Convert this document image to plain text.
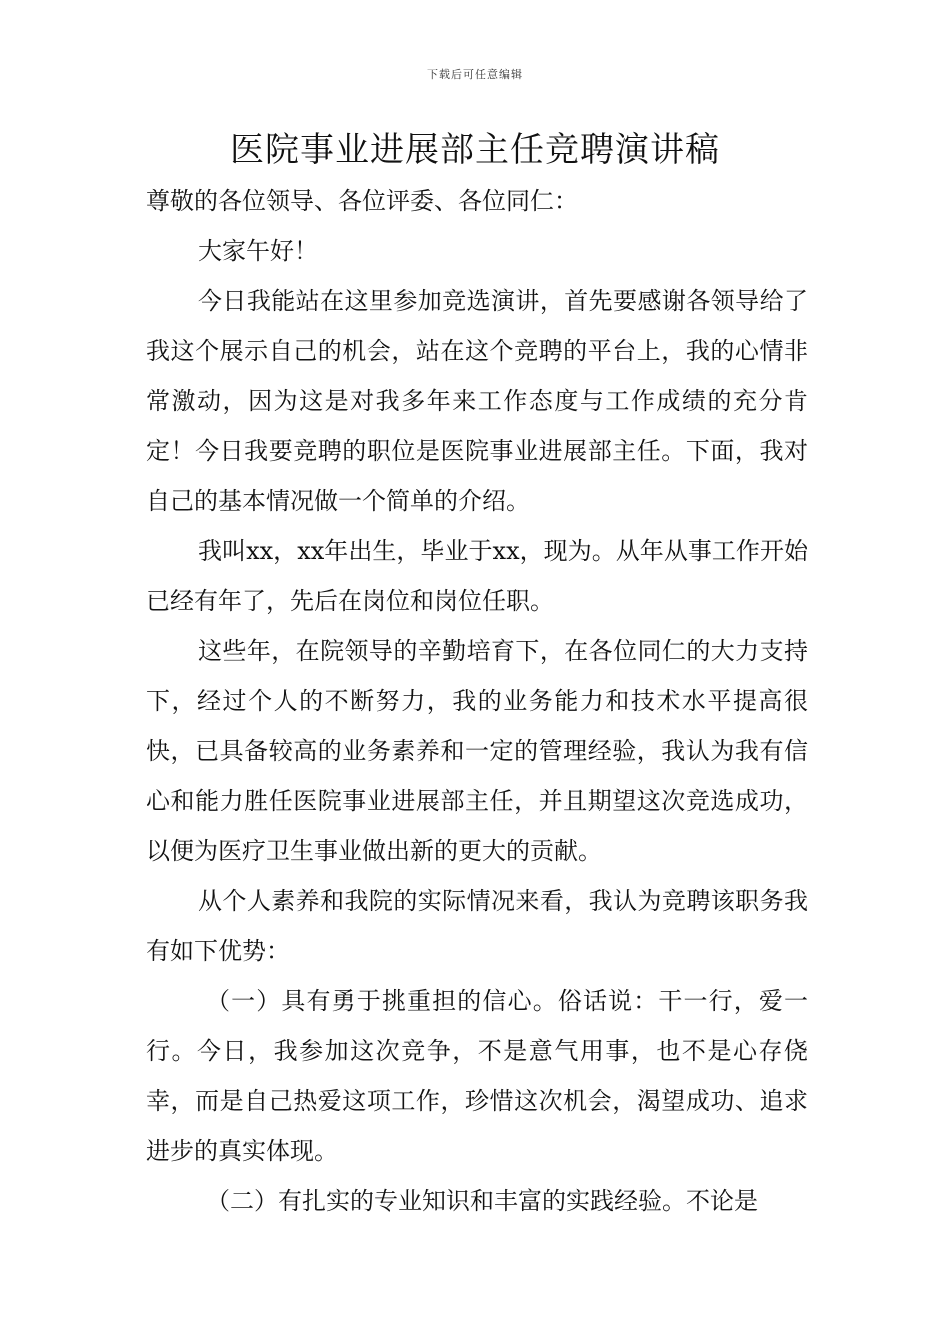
下载后可任意编辑
医院事业进展部主任竞聘演讲稿

尊敬的各位领导、各位评委、各位同仁：

大家午好！

今日我能站在这里参加竞选演讲，首先要感谢各领导给了我这个展示自己的机会，站在这个竞聘的平台上，我的心情非常激动，因为这是对我多年来工作态度与工作成绩的充分肯定！今日我要竞聘的职位是医院事业进展部主任。下面，我对自己的基本情况做一个简单的介绍。

我叫xx，xx年出生，毕业于xx，现为。从年从事工作开始已经有年了，先后在岗位和岗位任职。

这些年，在院领导的辛勤培育下，在各位同仁的大力支持下，经过个人的不断努力，我的业务能力和技术水平提高很快，已具备较高的业务素养和一定的管理经验，我认为我有信心和能力胜任医院事业进展部主任，并且期望这次竞选成功，以便为医疗卫生事业做出新的更大的贡献。

从个人素养和我院的实际情况来看，我认为竞聘该职务我有如下优势：

（一）具有勇于挑重担的信心。俗话说：干一行，爱一行。今日，我参加这次竞争，不是意气用事，也不是心存侥幸，而是自己热爱这项工作，珍惜这次机会，渴望成功、追求进步的真实体现。

（二）有扎实的专业知识和丰富的实践经验。不论是
